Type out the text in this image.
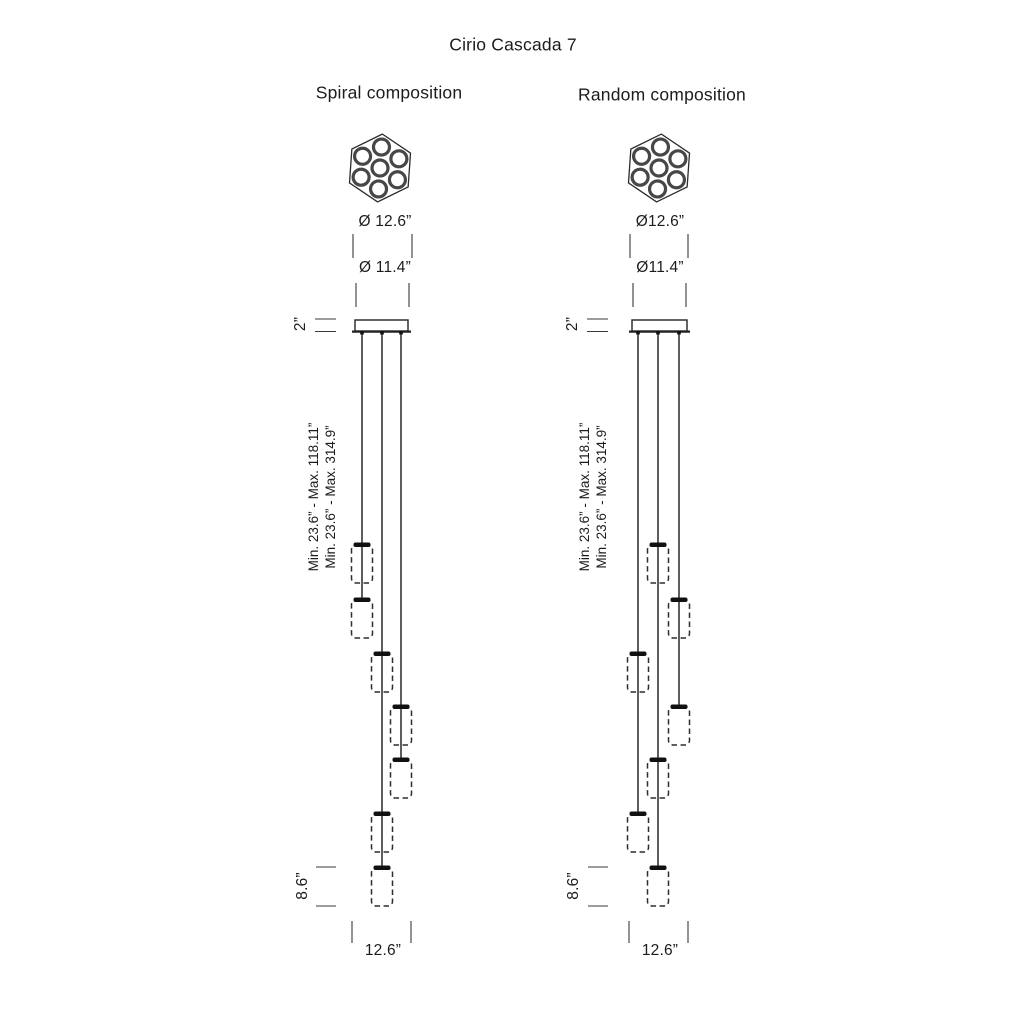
Cirio Cascada 7
Spiral composition	Random composition
Ø 12.6”
Ø 11.4”
2”
Min. 23.6” - Max. 118.11” Min. 23.6” - Max. 314.9”
8.6”
12.6”
Ø12.6”
Ø11.4”
2”
Min. 23.6” - Max. 118.11” Min. 23.6” - Max. 314.9”
8.6”
12.6”
